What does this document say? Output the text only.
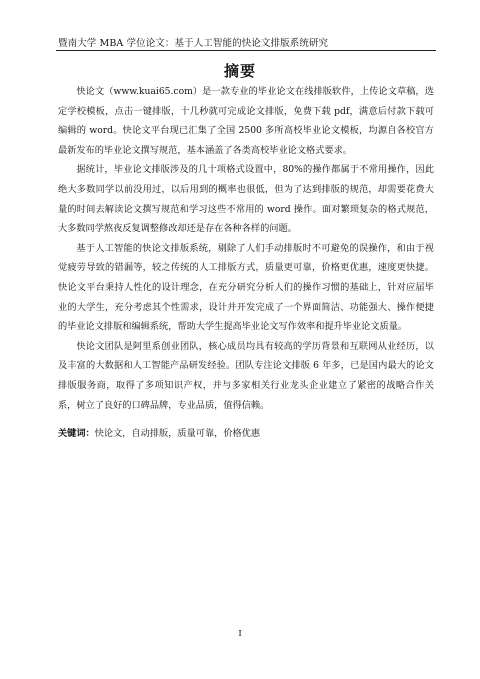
暨南大学 MBA 学位论文：基于人工智能的快论文排版系统研究
摘要

快论文（www.kuai65.com）是一款专业的毕业论文在线排版软件，上传论文草稿，选定学校模板，点击一键排版，十几秒就可完成论文排版，免费下载 pdf，满意后付款下载可编辑的 word。快论文平台现已汇集了全国 2500 多所高校毕业论文模板，均源自各校官方最新发布的毕业论文撰写规范，基本涵盖了各类高校毕业论文格式要求。

据统计，毕业论文排版涉及的几十项格式设置中，80%的操作都属于不常用操作，因此绝大多数同学以前没用过，以后用到的概率也很低，但为了达到排版的规范，却需要花费大量的时间去解读论文撰写规范和学习这些不常用的 word 操作。面对繁琐复杂的格式规范，大多数同学熬夜反复调整修改却还是存在各种各样的问题。

基于人工智能的快论文排版系统，剔除了人们手动排版时不可避免的误操作，和由于视觉疲劳导致的错漏等，较之传统的人工排版方式，质量更可靠，价格更优惠，速度更快捷。快论文平台秉持人性化的设计理念，在充分研究分析人们的操作习惯的基础上，针对应届毕业的大学生，充分考虑其个性需求，设计并开发完成了一个界面简洁、功能强大、操作便捷的毕业论文排版和编辑系统，帮助大学生提高毕业论文写作效率和提升毕业论文质量。

快论文团队是阿里系创业团队，核心成员均具有较高的学历背景和互联网从业经历，以及丰富的大数据和人工智能产品研发经验。团队专注论文排版 6 年多，已是国内最大的论文排版服务商，取得了多项知识产权，并与多家相关行业龙头企业建立了紧密的战略合作关系，树立了良好的口碑品牌，专业品质，值得信赖。

关键词：快论文，自动排版，质量可靠，价格优惠
I
